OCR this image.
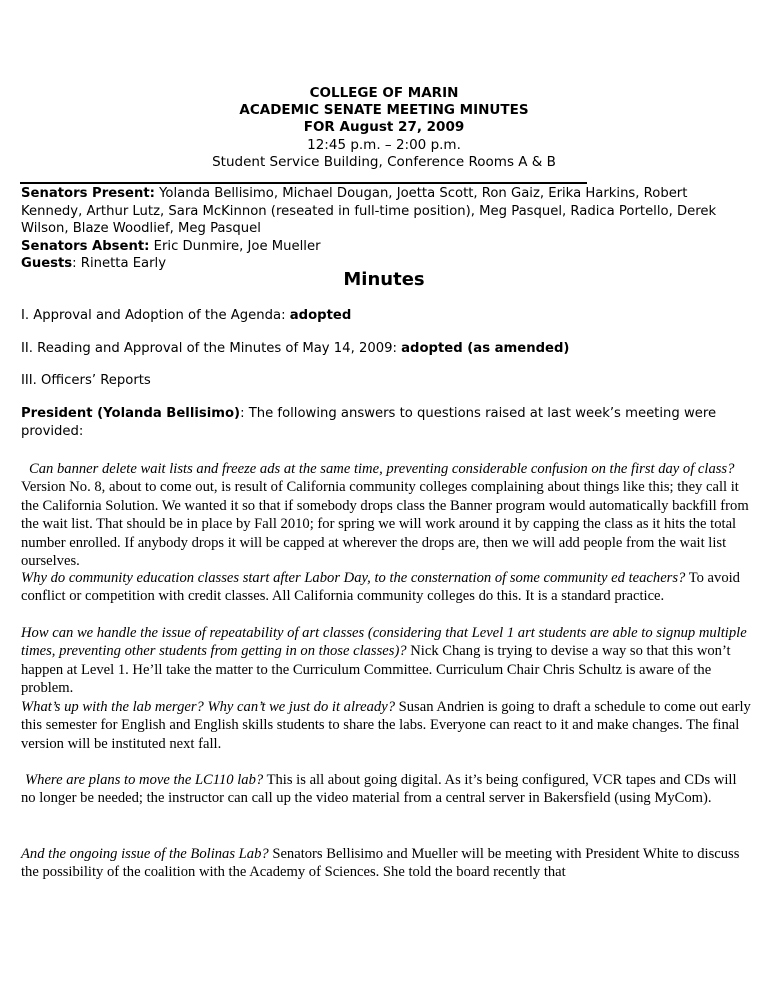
COLLEGE OF MARIN
ACADEMIC SENATE MEETING MINUTES
FOR August 27, 2009
12:45 p.m. – 2:00 p.m.
Student Service Building, Conference Rooms A & B

Senators Present: Yolanda Bellisimo, Michael Dougan, Joetta Scott, Ron Gaiz, Erika Harkins, Robert Kennedy, Arthur Lutz, Sara McKinnon (reseated in full-time position), Meg Pasquel, Radica Portello, Derek Wilson, Blaze Woodlief, Meg Pasquel

Senators Absent: Eric Dunmire, Joe Mueller

Guests: Rinetta Early

Minutes
I. Approval and Adoption of the Agenda: adopted
II. Reading and Approval of the Minutes of May 14, 2009: adopted (as amended)
III. Officers’ Reports
President (Yolanda Bellisimo): The following answers to questions raised at last week’s meeting were provided:
Can banner delete wait lists and freeze ads at the same time, preventing considerable confusion on the first day of class? Version No. 8, about to come out, is result of California community colleges complaining about things like this; they call it the California Solution. We wanted it so that if somebody drops class the Banner program would automatically backfill from the wait list. That should be in place by Fall 2010; for spring we will work around it by capping the class as it hits the total number enrolled. If anybody drops it will be capped at wherever the drops are, then we will add people from the wait list ourselves.
Why do community education classes start after Labor Day, to the consternation of some community ed teachers? To avoid conflict or competition with credit classes. All California community colleges do this. It is a standard practice.
How can we handle the issue of repeatability of art classes (considering that Level 1 art students are able to signup multiple times, preventing other students from getting in on those classes)? Nick Chang is trying to devise a way so that this won’t happen at Level 1. He’ll take the matter to the Curriculum Committee. Curriculum Chair Chris Schultz is aware of the problem.
What’s up with the lab merger? Why can’t we just do it already? Susan Andrien is going to draft a schedule to come out early this semester for English and English skills students to share the labs. Everyone can react to it and make changes. The final version will be instituted next fall.
Where are plans to move the LC110 lab? This is all about going digital. As it’s being configured, VCR tapes and CDs will no longer be needed; the instructor can call up the video material from a central server in Bakersfield (using MyCom).
And the ongoing issue of the Bolinas Lab? Senators Bellisimo and Mueller will be meeting with President White to discuss the possibility of the coalition with the Academy of Sciences. She told the board recently that
